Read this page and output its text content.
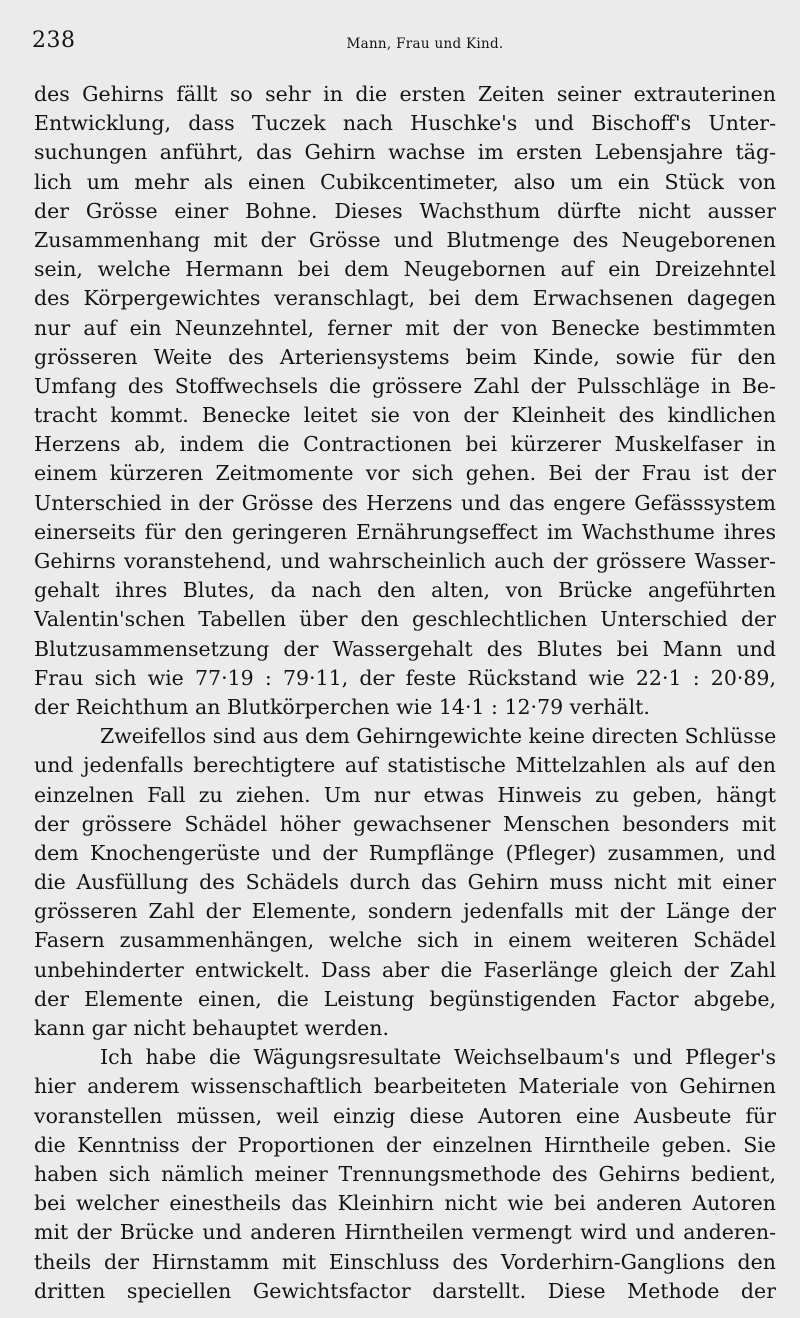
238	Mann, Frau und Kind.
des Gehirns fällt so sehr in die ersten Zeiten seiner extrauterinen
Entwicklung, dass Tuczek nach Huschke's und Bischoff's Unter-
suchungen anführt, das Gehirn wachse im ersten Lebensjahre täg-
lich um mehr als einen Cubikcentimeter, also um ein Stück von
der Grösse einer Bohne. Dieses Wachsthum dürfte nicht ausser
Zusammenhang mit der Grösse und Blutmenge des Neugeborenen
sein, welche Hermann bei dem Neugebornen auf ein Dreizehntel
des Körpergewichtes veranschlagt, bei dem Erwachsenen dagegen
nur auf ein Neunzehntel, ferner mit der von Benecke bestimmten
grösseren Weite des Arteriensystems beim Kinde, sowie für den
Umfang des Stoffwechsels die grössere Zahl der Pulsschläge in Be-
tracht kommt. Benecke leitet sie von der Kleinheit des kindlichen
Herzens ab, indem die Contractionen bei kürzerer Muskelfaser in
einem kürzeren Zeitmomente vor sich gehen. Bei der Frau ist der
Unterschied in der Grösse des Herzens und das engere Gefässsystem
einerseits für den geringeren Ernährungseffect im Wachsthume ihres
Gehirns voranstehend, und wahrscheinlich auch der grössere Wasser-
gehalt ihres Blutes, da nach den alten, von Brücke angeführten
Valentin'schen Tabellen über den geschlechtlichen Unterschied der
Blutzusammensetzung der Wassergehalt des Blutes bei Mann und
Frau sich wie 77·19 : 79·11, der feste Rückstand wie 22·1 : 20·89,
der Reichthum an Blutkörperchen wie 14·1 : 12·79 verhält.
Zweifellos sind aus dem Gehirngewichte keine directen Schlüsse
und jedenfalls berechtigtere auf statistische Mittelzahlen als auf den
einzelnen Fall zu ziehen. Um nur etwas Hinweis zu geben, hängt
der grössere Schädel höher gewachsener Menschen besonders mit
dem Knochengerüste und der Rumpflänge (Pfleger) zusammen, und
die Ausfüllung des Schädels durch das Gehirn muss nicht mit einer
grösseren Zahl der Elemente, sondern jedenfalls mit der Länge der
Fasern zusammenhängen, welche sich in einem weiteren Schädel
unbehinderter entwickelt. Dass aber die Faserlänge gleich der Zahl
der Elemente einen, die Leistung begünstigenden Factor abgebe,
kann gar nicht behauptet werden.
Ich habe die Wägungsresultate Weichselbaum's und Pfleger's
hier anderem wissenschaftlich bearbeiteten Materiale von Gehirnen
voranstellen müssen, weil einzig diese Autoren eine Ausbeute für
die Kenntniss der Proportionen der einzelnen Hirntheile geben. Sie
haben sich nämlich meiner Trennungsmethode des Gehirns bedient,
bei welcher einestheils das Kleinhirn nicht wie bei anderen Autoren
mit der Brücke und anderen Hirntheilen vermengt wird und anderen-
theils der Hirnstamm mit Einschluss des Vorderhirn-Ganglions den
dritten speciellen Gewichtsfactor darstellt. Diese Methode der
